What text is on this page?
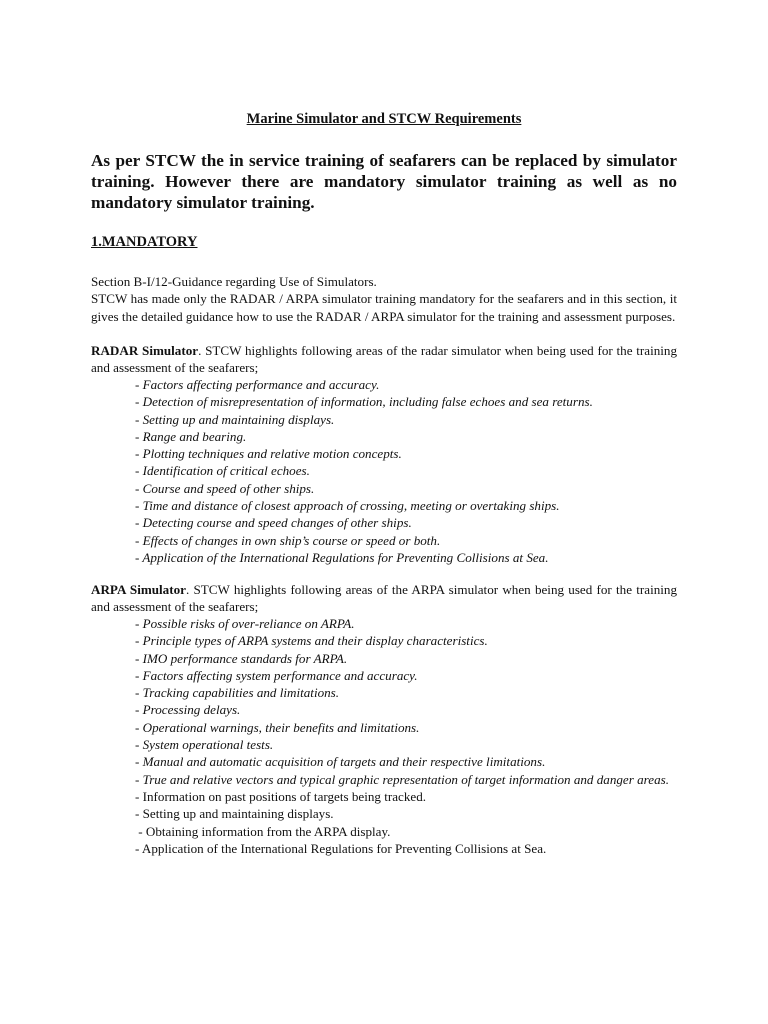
Marine Simulator and STCW Requirements
As per STCW the in service training of seafarers can be replaced by simulator training. However there are mandatory simulator training as well as no mandatory simulator training.
1.MANDATORY
Section B-I/12-Guidance regarding Use of Simulators.
STCW has made only the RADAR / ARPA simulator training mandatory for the seafarers and in this section, it gives the detailed guidance how to use the RADAR / ARPA simulator for the training and assessment purposes.
RADAR Simulator. STCW highlights following areas of the radar simulator when being used for the training and assessment of the seafarers;
- Factors affecting performance and accuracy.
- Detection of misrepresentation of information, including false echoes and sea returns.
- Setting up and maintaining displays.
- Range and bearing.
- Plotting techniques and relative motion concepts.
- Identification of critical echoes.
- Course and speed of other ships.
- Time and distance of closest approach of crossing, meeting or overtaking ships.
- Detecting course and speed changes of other ships.
- Effects of changes in own ship’s course or speed or both.
- Application of the International Regulations for Preventing Collisions at Sea.
ARPA Simulator. STCW highlights following areas of the ARPA simulator when being used for the training and assessment of the seafarers;
- Possible risks of over-reliance on ARPA.
- Principle types of ARPA systems and their display characteristics.
- IMO performance standards for ARPA.
- Factors affecting system performance and accuracy.
- Tracking capabilities and limitations.
- Processing delays.
- Operational warnings, their benefits and limitations.
- System operational tests.
- Manual and automatic acquisition of targets and their respective limitations.
- True and relative vectors and typical graphic representation of target information and danger areas.
- Information on past positions of targets being tracked.
- Setting up and maintaining displays.
- Obtaining information from the ARPA display.
- Application of the International Regulations for Preventing Collisions at Sea.
